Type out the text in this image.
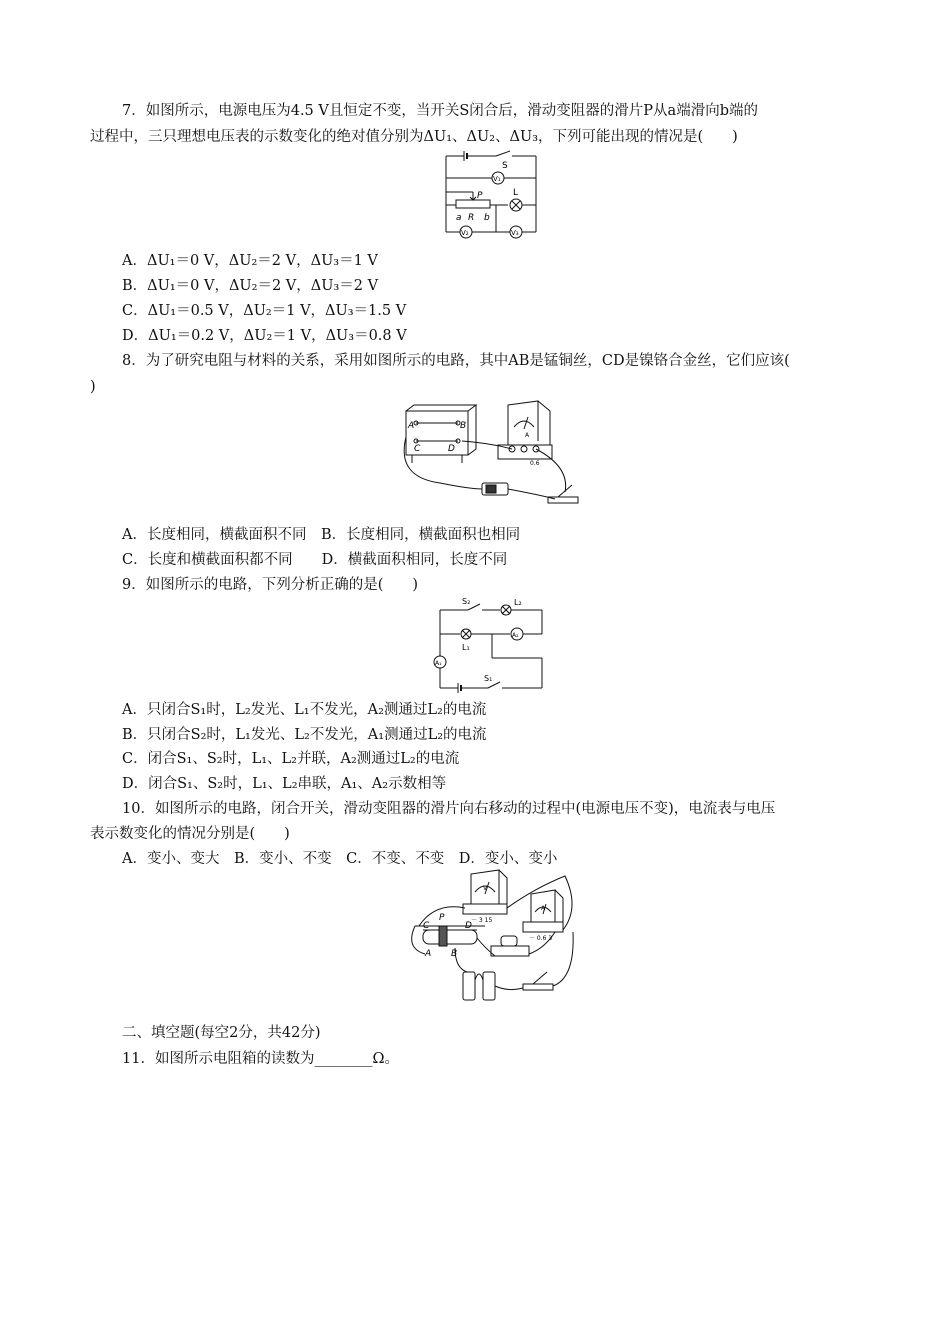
7．如图所示，电源电压为4.5 V且恒定不变，当开关S闭合后，滑动变阻器的滑片P从a端滑向b端的
过程中，三只理想电压表的示数变化的绝对值分别为ΔU₁、ΔU₂、ΔU₃，下列可能出现的情况是(　　)
S
V₁
P	L
a R b
V₂	V₃
A．ΔU₁＝0 V，ΔU₂＝2 V，ΔU₃＝1 V
B．ΔU₁＝0 V，ΔU₂＝2 V，ΔU₃＝2 V
C．ΔU₁＝0.5 V，ΔU₂＝1 V，ΔU₃＝1.5 V
D．ΔU₁＝0.2 V，ΔU₂＝1 V，ΔU₃＝0.8 V
8．为了研究电阻与材料的关系，采用如图所示的电路，其中AB是锰铜丝，CD是镍铬合金丝，它们应该(
)
A	B
C	D
A
0.6
A．长度相同，横截面积不同　B．长度相同，横截面积也相同
C．长度和横截面积都不同　　D．横截面积相同，长度不同
9．如图所示的电路，下列分析正确的是(　　)
S₂	L₂
L₁
A₂
A₁
S₁
A．只闭合S₁时，L₂发光、L₁不发光，A₂测通过L₂的电流
B．只闭合S₂时，L₁发光、L₂不发光，A₁测通过L₂的电流
C．闭合S₁、S₂时，L₁、L₂并联，A₂测通过L₂的电流
D．闭合S₁、S₂时，L₁、L₂串联，A₁、A₂示数相等
10．如图所示的电路，闭合开关，滑动变阻器的滑片向右移动的过程中(电源电压不变)，电流表与电压
表示数变化的情况分别是(　　)
A．变小、变大　B．变小、不变　C．不变、不变　D．变小、变小
C
P
D
A B
V
－ 3 15
A
－ 0.6 3
二、填空题(每空2分，共42分)
11．如图所示电阻箱的读数为________Ω。
